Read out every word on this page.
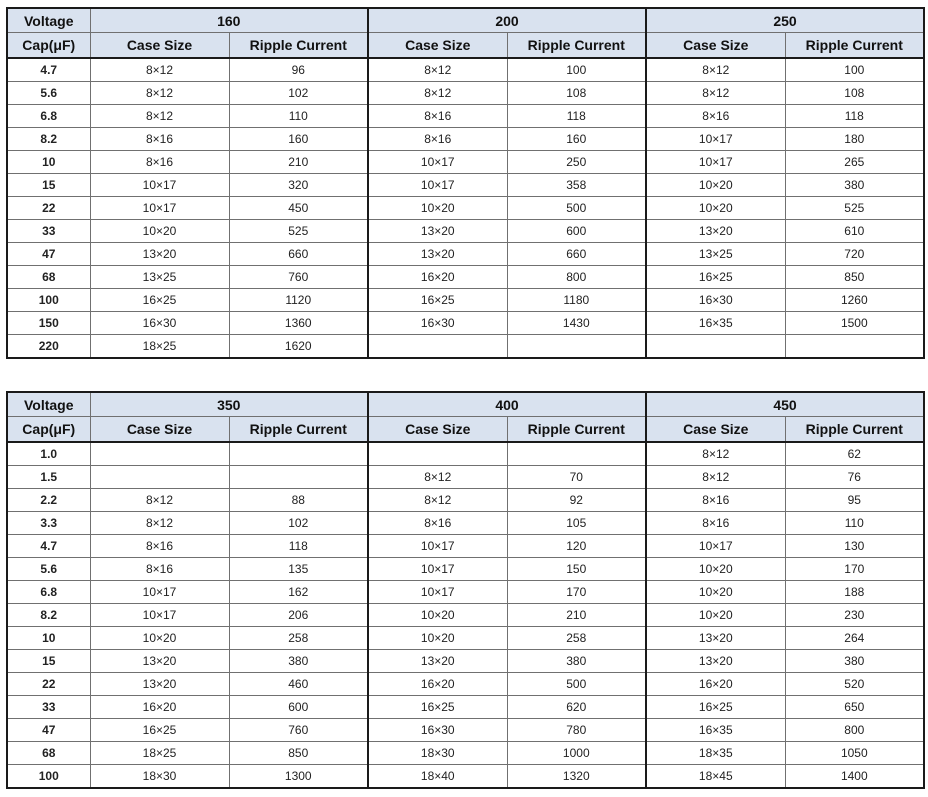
Voltage	160		200		250	
Cap(μF)	Case Size	Ripple Current	Case Size	Ripple Current	Case Size	Ripple Current
4.7	8×12	96	8×12	100	8×12	100
5.6	8×12	102	8×12	108	8×12	108
6.8	8×12	110	8×16	118	8×16	118
8.2	8×16	160	8×16	160	10×17	180
10	8×16	210	10×17	250	10×17	265
15	10×17	320	10×17	358	10×20	380
22	10×17	450	10×20	500	10×20	525
33	10×20	525	13×20	600	13×20	610
47	13×20	660	13×20	660	13×25	720
68	13×25	760	16×20	800	16×25	850
100	16×25	1120	16×25	1180	16×30	1260
150	16×30	1360	16×30	1430	16×35	1500
220	18×25	1620				
Voltage	350		400		450	
Cap(μF)	Case Size	Ripple Current	Case Size	Ripple Current	Case Size	Ripple Current
1.0					8×12	62
1.5			8×12	70	8×12	76
2.2	8×12	88	8×12	92	8×16	95
3.3	8×12	102	8×16	105	8×16	110
4.7	8×16	118	10×17	120	10×17	130
5.6	8×16	135	10×17	150	10×20	170
6.8	10×17	162	10×17	170	10×20	188
8.2	10×17	206	10×20	210	10×20	230
10	10×20	258	10×20	258	13×20	264
15	13×20	380	13×20	380	13×20	380
22	13×20	460	16×20	500	16×20	520
33	16×20	600	16×25	620	16×25	650
47	16×25	760	16×30	780	16×35	800
68	18×25	850	18×30	1000	18×35	1050
100	18×30	1300	18×40	1320	18×45	1400
